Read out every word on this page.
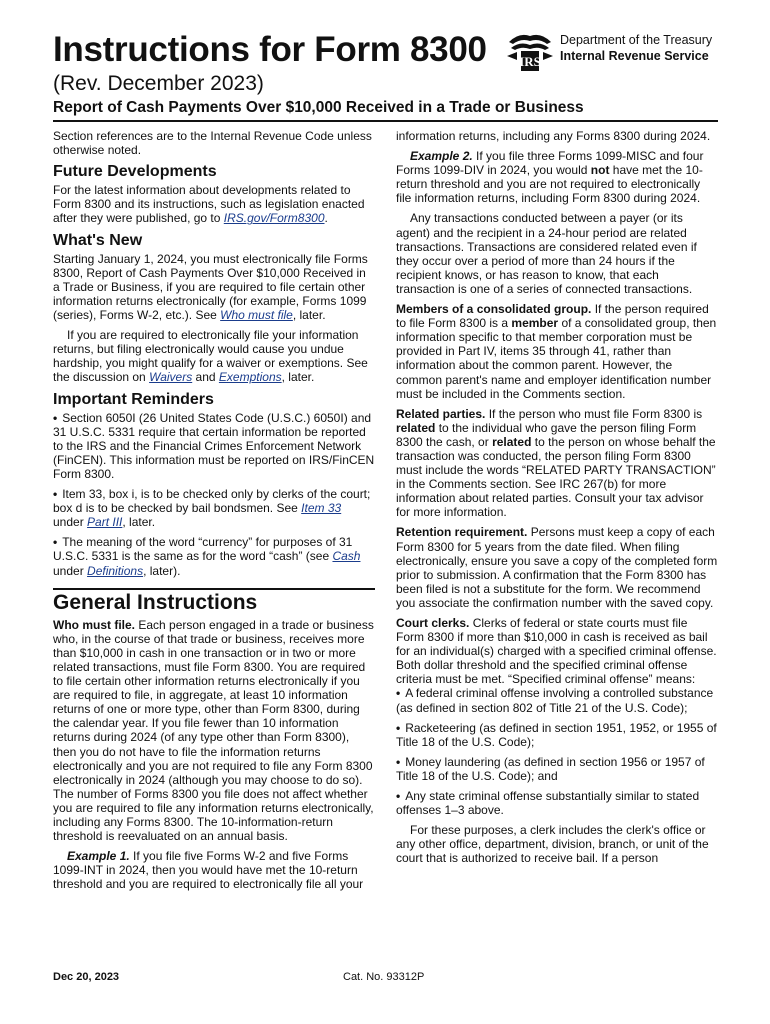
Instructions for Form 8300
(Rev. December 2023)
Report of Cash Payments Over $10,000 Received in a Trade or Business
IRS
Department of the Treasury
Internal Revenue Service

Section references are to the Internal Revenue Code unless otherwise noted.

Future Developments

For the latest information about developments related to Form 8300 and its instructions, such as legislation enacted after they were published, go to IRS.gov/Form8300.

What's New

Starting January 1, 2024, you must electronically file Forms 8300, Report of Cash Payments Over $10,000 Received in a Trade or Business, if you are required to file certain other information returns electronically (for example, Forms 1099 (series), Forms W-2, etc.). See Who must file, later.

If you are required to electronically file your information returns, but filing electronically would cause you undue hardship, you might qualify for a waiver or exemptions. See the discussion on Waivers and Exemptions, later.

Important Reminders

• Section 6050I (26 United States Code (U.S.C.) 6050I) and 31 U.S.C. 5331 require that certain information be reported to the IRS and the Financial Crimes Enforcement Network (FinCEN). This information must be reported on IRS/FinCEN Form 8300.

• Item 33, box i, is to be checked only by clerks of the court; box d is to be checked by bail bondsmen. See Item 33 under Part III, later.

• The meaning of the word “currency” for purposes of 31 U.S.C. 5331 is the same as for the word “cash” (see Cash under Definitions, later).

General Instructions

Who must file. Each person engaged in a trade or business who, in the course of that trade or business, receives more than $10,000 in cash in one transaction or in two or more related transactions, must file Form 8300. You are required to file certain other information returns electronically if you are required to file, in aggregate, at least 10 information returns of one or more type, other than Form 8300, during the calendar year. If you file fewer than 10 information returns during 2024 (of any type other than Form 8300), then you do not have to file the information returns electronically and you are not required to file any Form 8300 electronically in 2024 (although you may choose to do so). The number of Forms 8300 you file does not affect whether you are required to file any information returns electronically, including any Forms 8300. The 10-information-return threshold is reevaluated on an annual basis.

Example 1. If you file five Forms W-2 and five Forms 1099-INT in 2024, then you would have met the 10-return threshold and you are required to electronically file all your

information returns, including any Forms 8300 during 2024.

Example 2. If you file three Forms 1099-MISC and four Forms 1099-DIV in 2024, you would not have met the 10-return threshold and you are not required to electronically file information returns, including Form 8300 during 2024.

Any transactions conducted between a payer (or its agent) and the recipient in a 24-hour period are related transactions. Transactions are considered related even if they occur over a period of more than 24 hours if the recipient knows, or has reason to know, that each transaction is one of a series of connected transactions.

Members of a consolidated group. If the person required to file Form 8300 is a member of a consolidated group, then information specific to that member corporation must be provided in Part IV, items 35 through 41, rather than information about the common parent. However, the common parent's name and employer identification number must be included in the Comments section.

Related parties. If the person who must file Form 8300 is related to the individual who gave the person filing Form 8300 the cash, or related to the person on whose behalf the transaction was conducted, the person filing Form 8300 must include the words “RELATED PARTY TRANSACTION” in the Comments section. See IRC 267(b) for more information about related parties. Consult your tax advisor for more information.

Retention requirement. Persons must keep a copy of each Form 8300 for 5 years from the date filed. When filing electronically, ensure you save a copy of the completed form prior to submission. A confirmation that the Form 8300 has been filed is not a substitute for the form. We recommend you associate the confirmation number with the saved copy.

Court clerks. Clerks of federal or state courts must file Form 8300 if more than $10,000 in cash is received as bail for an individual(s) charged with a specified criminal offense. Both dollar threshold and the specified criminal offense criteria must be met. “Specified criminal offense” means:

• A federal criminal offense involving a controlled substance (as defined in section 802 of Title 21 of the U.S. Code);

• Racketeering (as defined in section 1951, 1952, or 1955 of Title 18 of the U.S. Code);

• Money laundering (as defined in section 1956 or 1957 of Title 18 of the U.S. Code); and

• Any state criminal offense substantially similar to stated offenses 1–3 above.

For these purposes, a clerk includes the clerk's office or any other office, department, division, branch, or unit of the court that is authorized to receive bail. If a person

Dec 20, 2023	Cat. No. 93312P
